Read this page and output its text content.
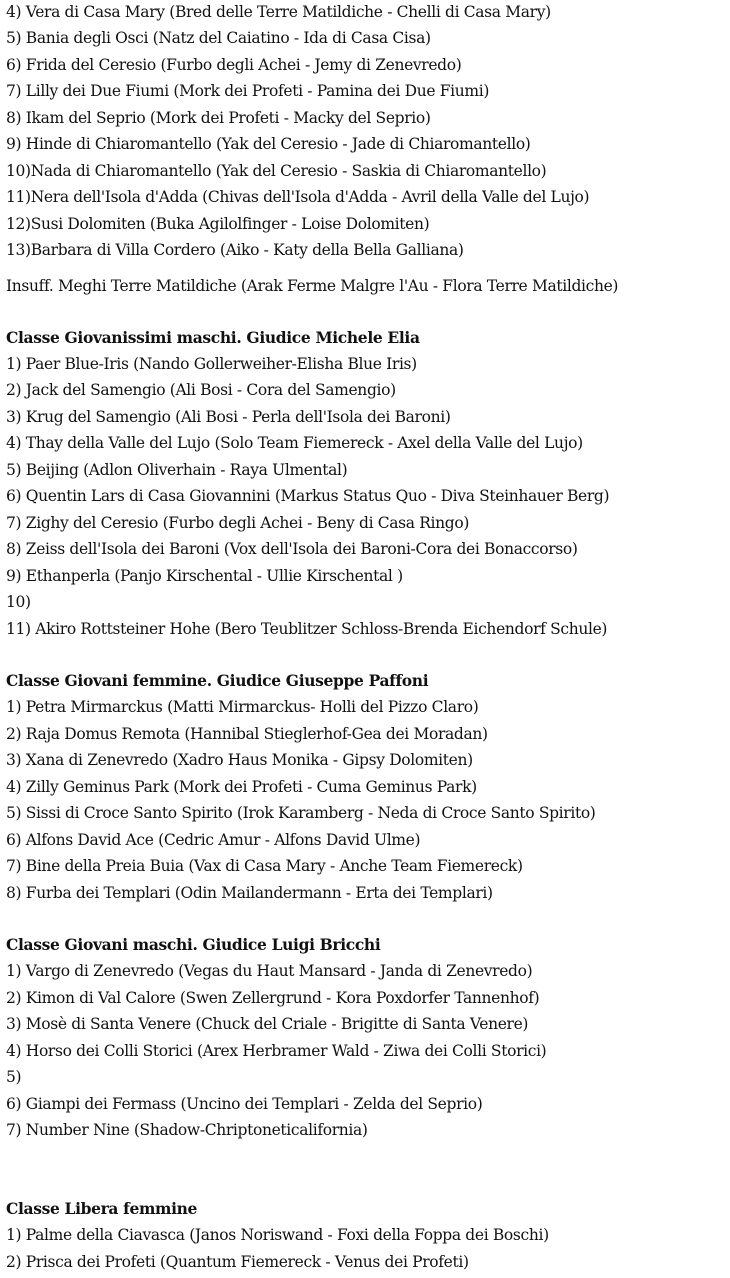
4) Vera di Casa Mary (Bred delle Terre Matildiche - Chelli di Casa Mary)
5) Bania degli Osci (Natz del Caiatino - Ida di Casa Cisa)
6) Frida del Ceresio (Furbo degli Achei - Jemy di Zenevredo)
7) Lilly dei Due Fiumi (Mork dei Profeti - Pamina dei Due Fiumi)
8) Ikam del Seprio (Mork dei Profeti - Macky del Seprio)
9) Hinde di Chiaromantello (Yak del Ceresio - Jade di Chiaromantello)
10)Nada di Chiaromantello (Yak del Ceresio - Saskia di Chiaromantello)
11)Nera dell'Isola d'Adda (Chivas dell'Isola d'Adda - Avril della Valle del Lujo)
12)Susi Dolomiten (Buka Agilolfinger - Loise Dolomiten)
13)Barbara di Villa Cordero (Aiko - Katy della Bella Galliana)
Insuff. Meghi Terre Matildiche (Arak Ferme Malgre l'Au - Flora Terre Matildiche)
Classe Giovanissimi maschi. Giudice Michele Elia
1) Paer Blue-Iris (Nando Gollerweiher-Elisha Blue Iris)
2) Jack del Samengio (Ali Bosi - Cora del Samengio)
3) Krug del Samengio (Ali Bosi - Perla dell'Isola dei Baroni)
4) Thay della Valle del Lujo (Solo Team Fiemereck - Axel della Valle del Lujo)
5) Beijing (Adlon Oliverhain - Raya Ulmental)
6) Quentin Lars di Casa Giovannini (Markus Status Quo - Diva Steinhauer Berg)
7) Zighy del Ceresio (Furbo degli Achei - Beny di Casa Ringo)
8) Zeiss dell'Isola dei Baroni (Vox dell'Isola dei Baroni-Cora dei Bonaccorso)
9) Ethanperla (Panjo Kirschental - Ullie Kirschental )
10)
11) Akiro Rottsteiner Hohe (Bero Teublitzer Schloss-Brenda Eichendorf Schule)
Classe Giovani femmine. Giudice Giuseppe Paffoni
1) Petra Mirmarckus (Matti Mirmarckus- Holli del Pizzo Claro)
2) Raja Domus Remota (Hannibal Stieglerhof-Gea dei Moradan)
3) Xana di Zenevredo (Xadro Haus Monika - Gipsy Dolomiten)
4) Zilly Geminus Park (Mork dei Profeti - Cuma Geminus Park)
5) Sissi di Croce Santo Spirito (Irok Karamberg - Neda di Croce Santo Spirito)
6) Alfons David Ace (Cedric Amur - Alfons David Ulme)
7) Bine della Preia Buia (Vax di Casa Mary - Anche Team Fiemereck)
8) Furba dei Templari (Odin Mailandermann - Erta dei Templari)
Classe Giovani maschi. Giudice Luigi Bricchi
1) Vargo di Zenevredo (Vegas du Haut Mansard - Janda di Zenevredo)
2) Kimon di Val Calore (Swen Zellergrund - Kora Poxdorfer Tannenhof)
3) Mosè di Santa Venere (Chuck del Criale - Brigitte di Santa Venere)
4) Horso dei Colli Storici (Arex Herbramer Wald - Ziwa dei Colli Storici)
5)
6) Giampi dei Fermass (Uncino dei Templari - Zelda del Seprio)
7) Number Nine (Shadow-Chriptoneticalifornia)
Classe Libera femmine
1) Palme della Ciavasca (Janos Noriswand - Foxi della Foppa dei Boschi)
2) Prisca dei Profeti (Quantum Fiemereck - Venus dei Profeti)
